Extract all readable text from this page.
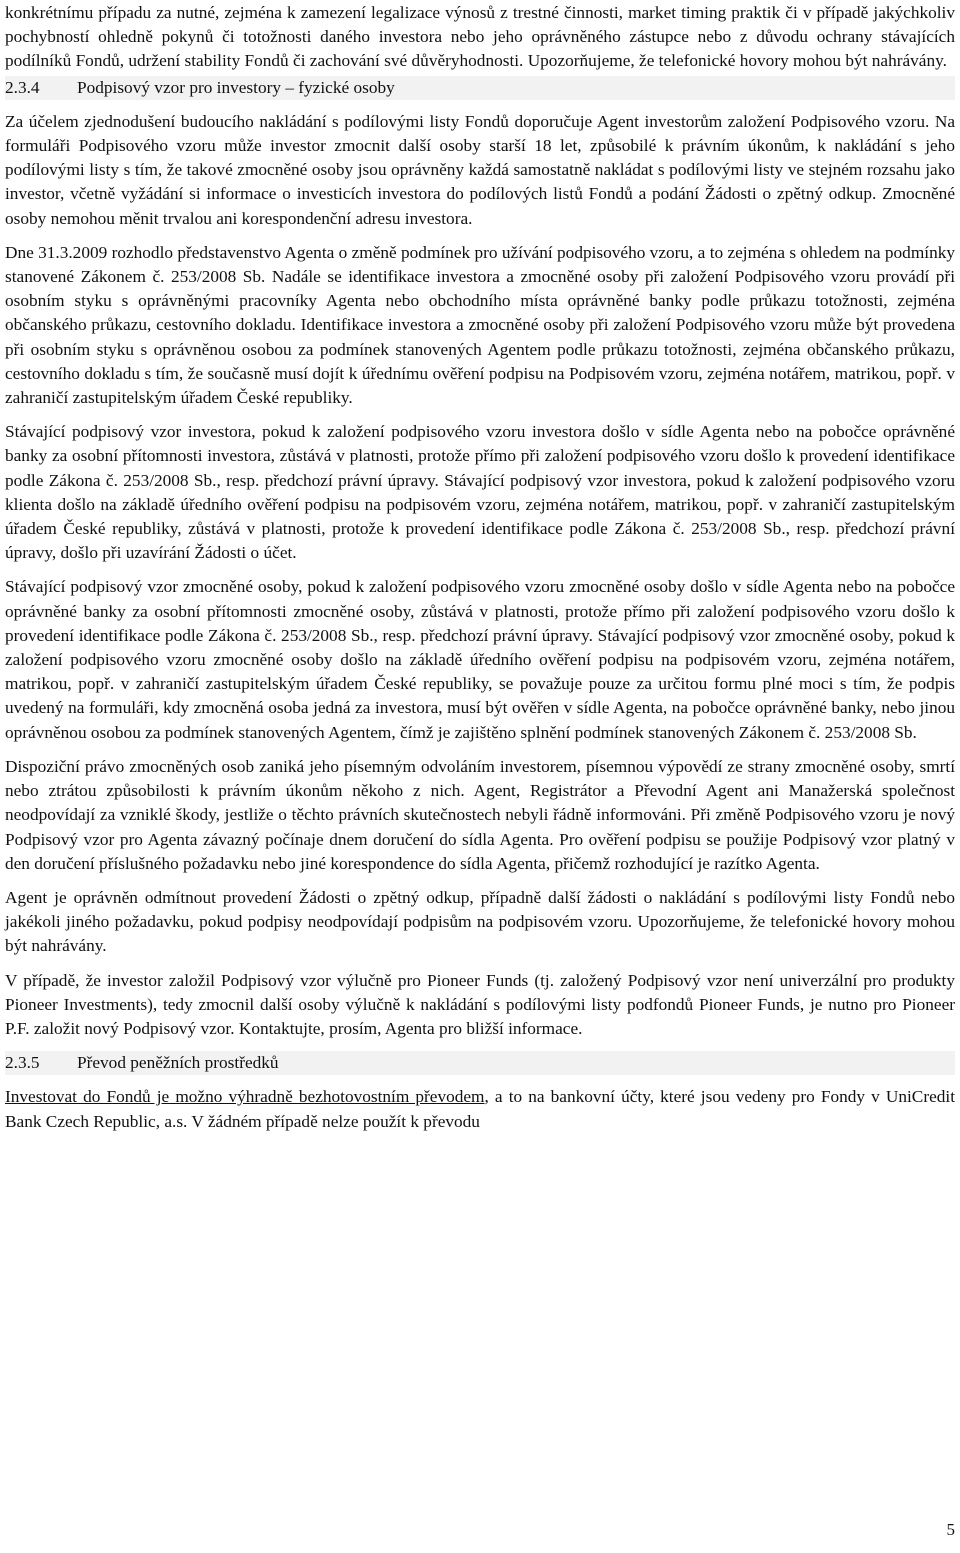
konkrétnímu případu za nutné, zejména k zamezení legalizace výnosů z trestné činnosti, market timing praktik či v případě jakýchkoliv pochybností ohledně pokynů či totožnosti daného investora nebo jeho oprávněného zástupce nebo z důvodu ochrany stávajících podílníků Fondů, udržení stability Fondů či zachování své důvěryhodnosti. Upozorňujeme, že telefonické hovory mohou být nahrávány.

2.3.4 Podpisový vzor pro investory – fyzické osoby

Za účelem zjednodušení budoucího nakládání s podílovými listy Fondů doporučuje Agent investorům založení Podpisového vzoru. Na formuláři Podpisového vzoru může investor zmocnit další osoby starší 18 let, způsobilé k právním úkonům, k nakládání s jeho podílovými listy s tím, že takové zmocněné osoby jsou oprávněny každá samostatně nakládat s podílovými listy ve stejném rozsahu jako investor, včetně vyžádání si informace o investicích investora do podílových listů Fondů a podání Žádosti o zpětný odkup. Zmocněné osoby nemohou měnit trvalou ani korespondenční adresu investora.

Dne 31.3.2009 rozhodlo představenstvo Agenta o změně podmínek pro užívání podpisového vzoru, a to zejména s ohledem na podmínky stanovené Zákonem č. 253/2008 Sb. Nadále se identifikace investora a zmocněné osoby při založení Podpisového vzoru provádí při osobním styku s oprávněnými pracovníky Agenta nebo obchodního místa oprávněné banky podle průkazu totožnosti, zejména občanského průkazu, cestovního dokladu. Identifikace investora a zmocněné osoby při založení Podpisového vzoru může být provedena při osobním styku s oprávněnou osobou za podmínek stanovených Agentem podle průkazu totožnosti, zejména občanského průkazu, cestovního dokladu s tím, že současně musí dojít k úřednímu ověření podpisu na Podpisovém vzoru, zejména notářem, matrikou, popř. v zahraničí zastupitelským úřadem České republiky.

Stávající podpisový vzor investora, pokud k založení podpisového vzoru investora došlo v sídle Agenta nebo na pobočce oprávněné banky za osobní přítomnosti investora, zůstává v platnosti, protože přímo při založení podpisového vzoru došlo k provedení identifikace podle Zákona č. 253/2008 Sb., resp. předchozí právní úpravy. Stávající podpisový vzor investora, pokud k založení podpisového vzoru klienta došlo na základě úředního ověření podpisu na podpisovém vzoru, zejména notářem, matrikou, popř. v zahraničí zastupitelským úřadem České republiky, zůstává v platnosti, protože k provedení identifikace podle Zákona č. 253/2008 Sb., resp. předchozí právní úpravy, došlo při uzavírání Žádosti o účet.

Stávající podpisový vzor zmocněné osoby, pokud k založení podpisového vzoru zmocněné osoby došlo v sídle Agenta nebo na pobočce oprávněné banky za osobní přítomnosti zmocněné osoby, zůstává v platnosti, protože přímo při založení podpisového vzoru došlo k provedení identifikace podle Zákona č. 253/2008 Sb., resp. předchozí právní úpravy. Stávající podpisový vzor zmocněné osoby, pokud k založení podpisového vzoru zmocněné osoby došlo na základě úředního ověření podpisu na podpisovém vzoru, zejména notářem, matrikou, popř. v zahraničí zastupitelským úřadem České republiky, se považuje pouze za určitou formu plné moci s tím, že podpis uvedený na formuláři, kdy zmocněná osoba jedná za investora, musí být ověřen v sídle Agenta, na pobočce oprávněné banky, nebo jinou oprávněnou osobou za podmínek stanovených Agentem, čímž je zajištěno splnění podmínek stanovených Zákonem č. 253/2008 Sb.

Dispoziční právo zmocněných osob zaniká jeho písemným odvoláním investorem, písemnou výpovědí ze strany zmocněné osoby, smrtí nebo ztrátou způsobilosti k právním úkonům někoho z nich. Agent, Registrátor a Převodní Agent ani Manažerská společnost neodpovídají za vzniklé škody, jestliže o těchto právních skutečnostech nebyli řádně informováni. Při změně Podpisového vzoru je nový Podpisový vzor pro Agenta závazný počínaje dnem doručení do sídla Agenta. Pro ověření podpisu se použije Podpisový vzor platný v den doručení příslušného požadavku nebo jiné korespondence do sídla Agenta, přičemž rozhodující je razítko Agenta.

Agent je oprávněn odmítnout provedení Žádosti o zpětný odkup, případně další žádosti o nakládání s podílovými listy Fondů nebo jakékoli jiného požadavku, pokud podpisy neodpovídají podpisům na podpisovém vzoru. Upozorňujeme, že telefonické hovory mohou být nahrávány.

V případě, že investor založil Podpisový vzor výlučně pro Pioneer Funds (tj. založený Podpisový vzor není univerzální pro produkty Pioneer Investments), tedy zmocnil další osoby výlučně k nakládání s podílovými listy podfondů Pioneer Funds, je nutno pro Pioneer P.F. založit nový Podpisový vzor. Kontaktujte, prosím, Agenta pro bližší informace.

2.3.5 Převod peněžních prostředků

Investovat do Fondů je možno výhradně bezhotovostním převodem, a to na bankovní účty, které jsou vedeny pro Fondy v UniCredit Bank Czech Republic, a.s. V žádném případě nelze použít k převodu

5
